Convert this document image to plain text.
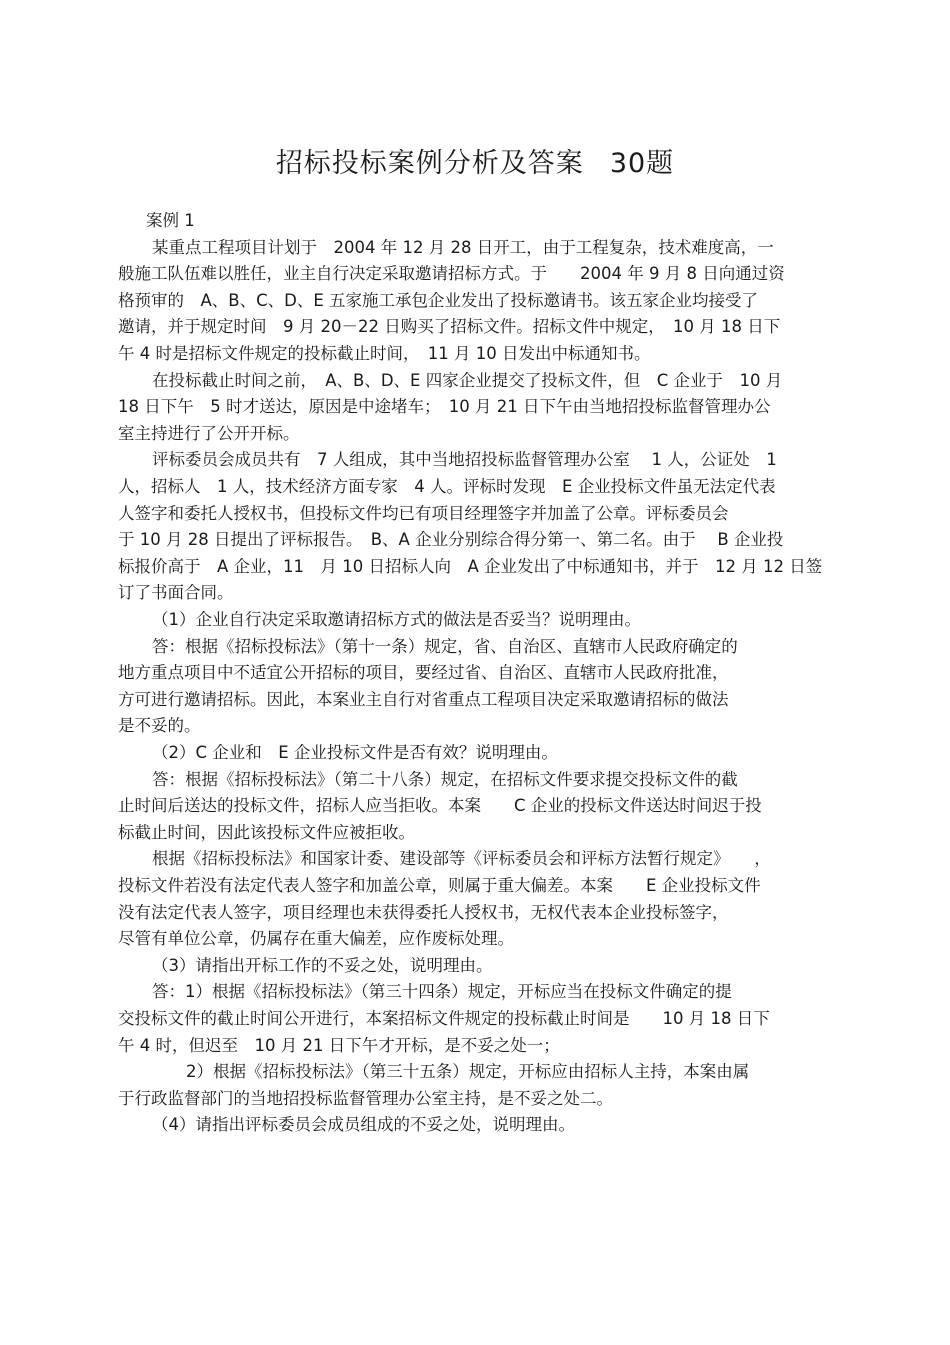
招标投标案例分析及答案 30题
案例 1
某重点工程项目计划于　2004 年 12 月 28 日开工，由于工程复杂，技术难度高，一
般施工队伍难以胜任，业主自行决定采取邀请招标方式。于　　2004 年 9 月 8 日向通过资
格预审的　A、B、C、D、E 五家施工承包企业发出了投标邀请书。该五家企业均接受了
邀请，并于规定时间　9 月 20－22 日购买了招标文件。招标文件中规定，　10 月 18 日下
午 4 时是招标文件规定的投标截止时间，　11 月 10 日发出中标通知书。
在投标截止时间之前，　A、B、D、E 四家企业提交了投标文件，但　C 企业于　10 月
18 日下午　5 时才送达，原因是中途堵车；　10 月 21 日下午由当地招投标监督管理办公
室主持进行了公开开标。
评标委员会成员共有　7 人组成，其中当地招投标监督管理办公室　 1 人，公证处　1
人，招标人　1 人，技术经济方面专家　4 人。评标时发现　E 企业投标文件虽无法定代表
人签字和委托人授权书，但投标文件均已有项目经理签字并加盖了公章。评标委员会
于 10 月 28 日提出了评标报告。　B、A 企业分别综合得分第一、第二名。由于　 B 企业投
标报价高于　A 企业，11　月 10 日招标人向　A 企业发出了中标通知书，并于　12 月 12 日签
订了书面合同。
（1）企业自行决定采取邀请招标方式的做法是否妥当？说明理由。
答：根据《招标投标法》（第十一条）规定，省、自治区、直辖市人民政府确定的
地方重点项目中不适宜公开招标的项目，要经过省、自治区、直辖市人民政府批准，
方可进行邀请招标。因此，本案业主自行对省重点工程项目决定采取邀请招标的做法
是不妥的。
（2）C 企业和　E 企业投标文件是否有效？说明理由。
答：根据《招标投标法》（第二十八条）规定，在招标文件要求提交投标文件的截
止时间后送达的投标文件，招标人应当拒收。本案　　C 企业的投标文件送达时间迟于投
标截止时间，因此该投标文件应被拒收。
根据《招标投标法》和国家计委、建设部等《评标委员会和评标方法暂行规定》　　，
投标文件若没有法定代表人签字和加盖公章，则属于重大偏差。本案　　E 企业投标文件
没有法定代表人签字，项目经理也未获得委托人授权书，无权代表本企业投标签字，
尽管有单位公章，仍属存在重大偏差，应作废标处理。
（3）请指出开标工作的不妥之处，说明理由。
答：1）根据《招标投标法》（第三十四条）规定，开标应当在投标文件确定的提
交投标文件的截止时间公开进行，本案招标文件规定的投标截止时间是　　10 月 18 日下
午 4 时，但迟至　10 月 21 日下午才开标，是不妥之处一；
2）根据《招标投标法》（第三十五条）规定，开标应由招标人主持，本案由属
于行政监督部门的当地招投标监督管理办公室主持，是不妥之处二。
（4）请指出评标委员会成员组成的不妥之处，说明理由。
